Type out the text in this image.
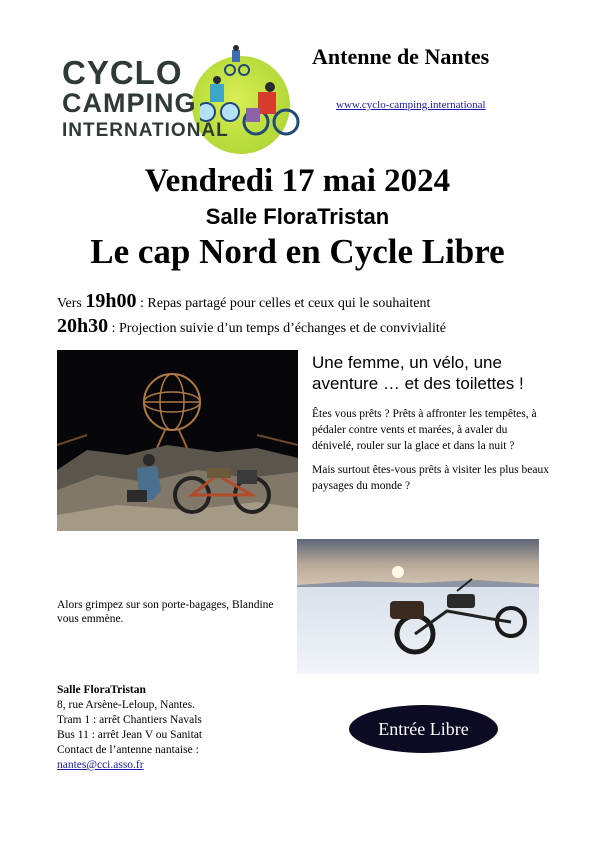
CYCLO
CAMPING
INTERNATIONAL
Antenne de Nantes
www.cyclo-camping.international
Vendredi 17 mai 2024
Salle FloraTristan
Le cap Nord en Cycle Libre
Vers 19h00 : Repas partagé pour celles et ceux qui le souhaitent
20h30 : Projection suivie d’un temps d’échanges et de convivialité
Une femme, un vélo, une aventure … et des toilettes !
Êtes vous prêts ? Prêts à affronter les tempêtes, à pédaler contre vents et marées, à avaler du dénivelé, rouler sur la glace et dans la nuit ?
Mais surtout êtes-vous prêts à visiter les plus beaux paysages du monde ?
Alors grimpez sur son porte-bagages, Blandine vous emmène.
Salle FloraTristan
8, rue Arsène-Leloup, Nantes.
Tram 1 : arrêt Chantiers Navals
Bus 11 : arrêt Jean V ou Sanitat
Contact de l’antenne nantaise :
nantes@cci.asso.fr
Entrée Libre
